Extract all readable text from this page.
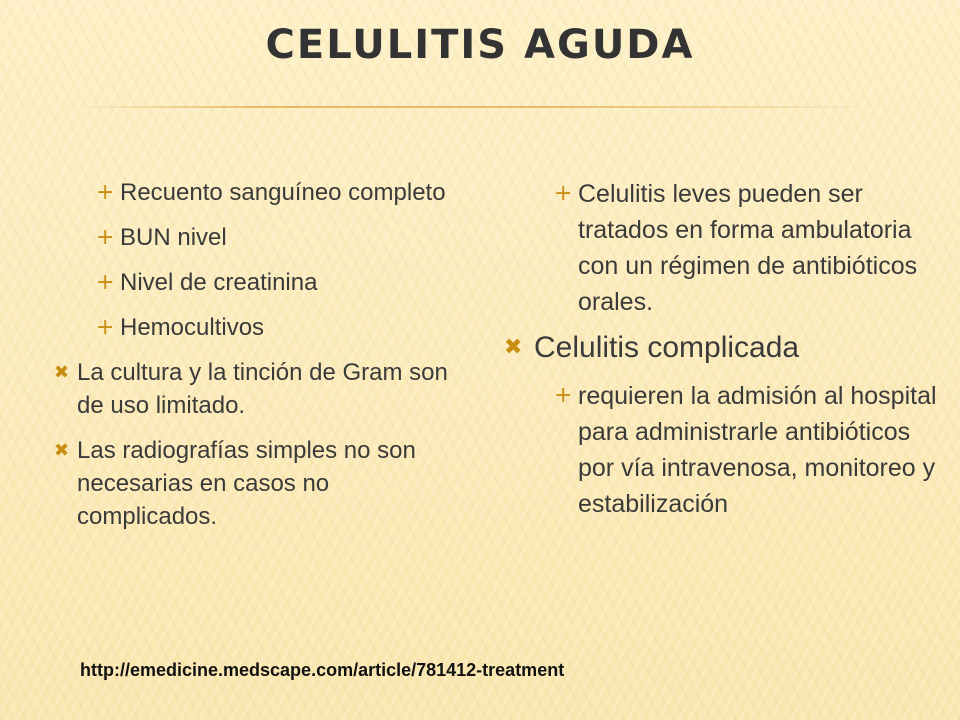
CELULITIS AGUDA
+ Recuento sanguíneo completo
+ BUN nivel
+ Nivel de creatinina
+ Hemocultivos
✖ La cultura y la tinción de Gram son de uso limitado.
✖ Las radiografías simples no son necesarias en casos no complicados.
+ Celulitis leves pueden ser tratados en forma ambulatoria con un régimen de antibióticos orales.
✖ Celulitis complicada
+ requieren la admisión al hospital para administrarle antibióticos por vía intravenosa, monitoreo y estabilización

http://emedicine.medscape.com/article/781412-treatment
